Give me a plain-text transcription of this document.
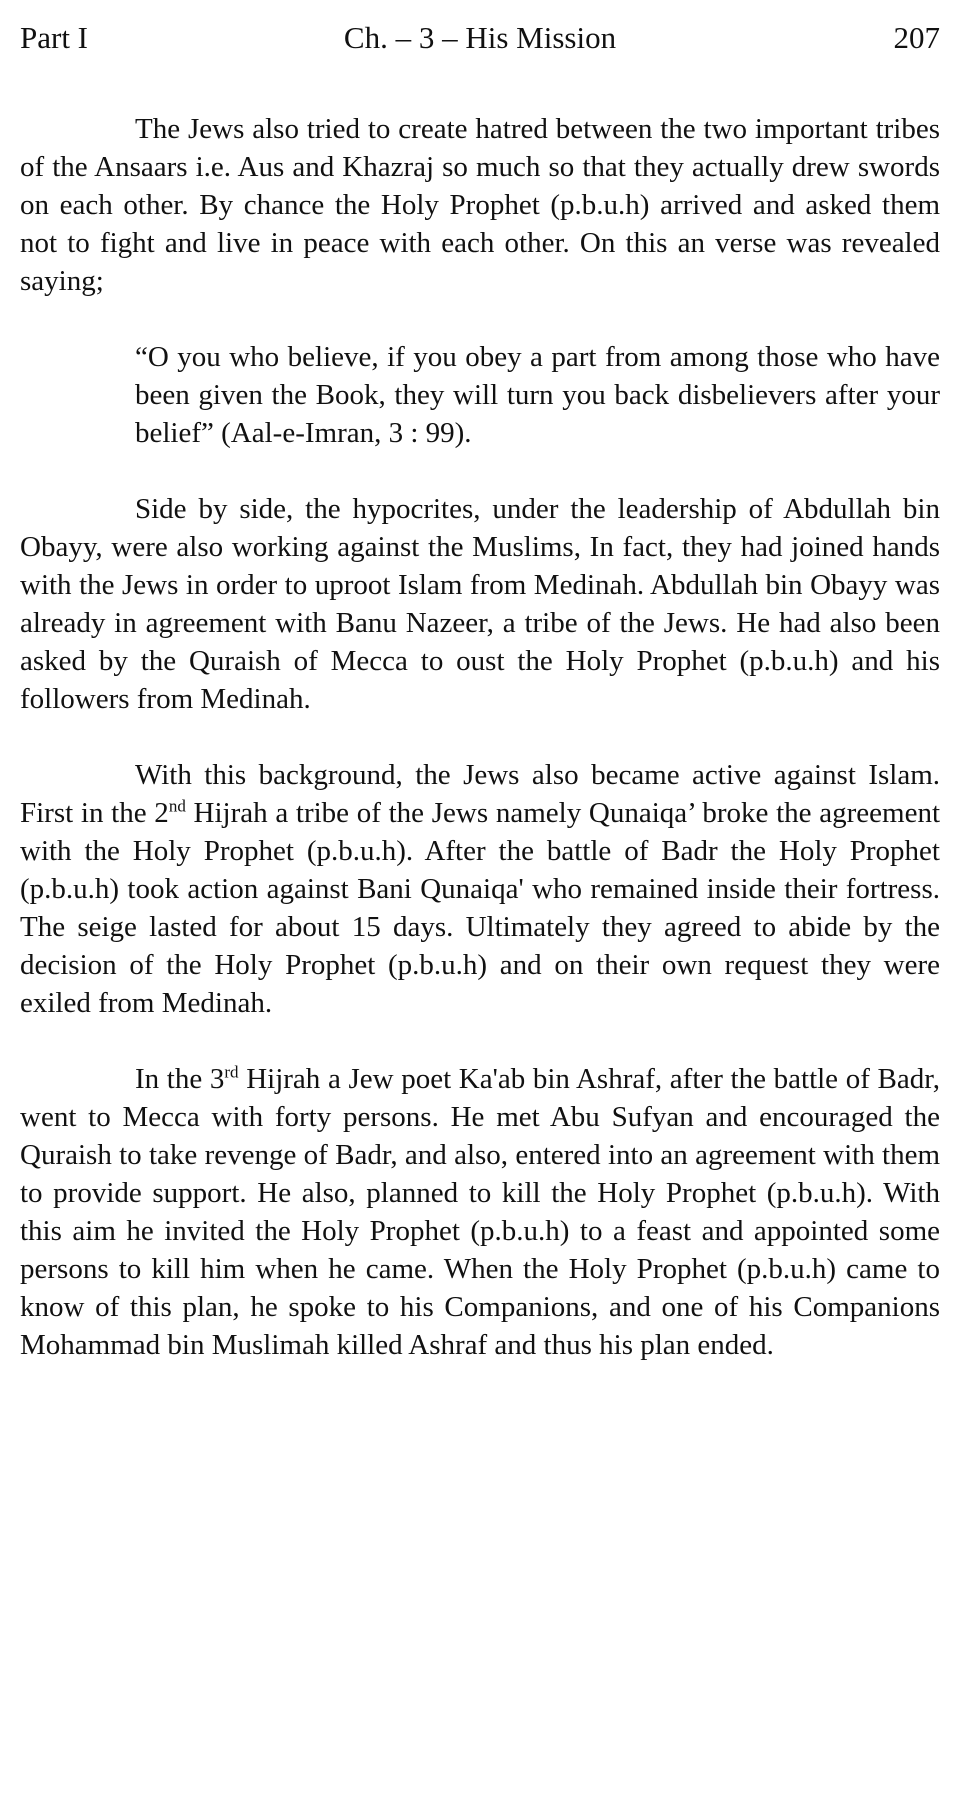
Part I	Ch. – 3 – His Mission	207

The Jews also tried to create hatred between the two important tribes of the Ansaars i.e. Aus and Khazraj so much so that they actually drew swords on each other. By chance the Holy Prophet (p.b.u.h) arrived and asked them not to fight and live in peace with each other. On this an verse was revealed saying;

“O you who believe, if you obey a part from among those who have been given the Book, they will turn you back disbelievers after your belief” (Aal-e-Imran, 3 : 99).

Side by side, the hypocrites, under the leadership of Abdullah bin Obayy, were also working against the Muslims, In fact, they had joined hands with the Jews in order to uproot Islam from Medinah. Abdullah bin Obayy was already in agreement with Banu Nazeer, a tribe of the Jews. He had also been asked by the Quraish of Mecca to oust the Holy Prophet (p.b.u.h) and his followers from Medinah.

With this background, the Jews also became active against Islam. First in the 2nd Hijrah a tribe of the Jews namely Qunaiqa’ broke the agreement with the Holy Prophet (p.b.u.h). After the battle of Badr the Holy Prophet (p.b.u.h) took action against Bani Qunaiqa' who remained inside their fortress. The seige lasted for about 15 days. Ultimately they agreed to abide by the decision of the Holy Prophet (p.b.u.h) and on their own request they were exiled from Medinah.

In the 3rd Hijrah a Jew poet Ka'ab bin Ashraf, after the battle of Badr, went to Mecca with forty persons. He met Abu Sufyan and encouraged the Quraish to take revenge of Badr, and also, entered into an agreement with them to provide support. He also, planned to kill the Holy Prophet (p.b.u.h). With this aim he invited the Holy Prophet (p.b.u.h) to a feast and appointed some persons to kill him when he came. When the Holy Prophet (p.b.u.h) came to know of this plan, he spoke to his Companions, and one of his Companions Mohammad bin Muslimah killed Ashraf and thus his plan ended.
